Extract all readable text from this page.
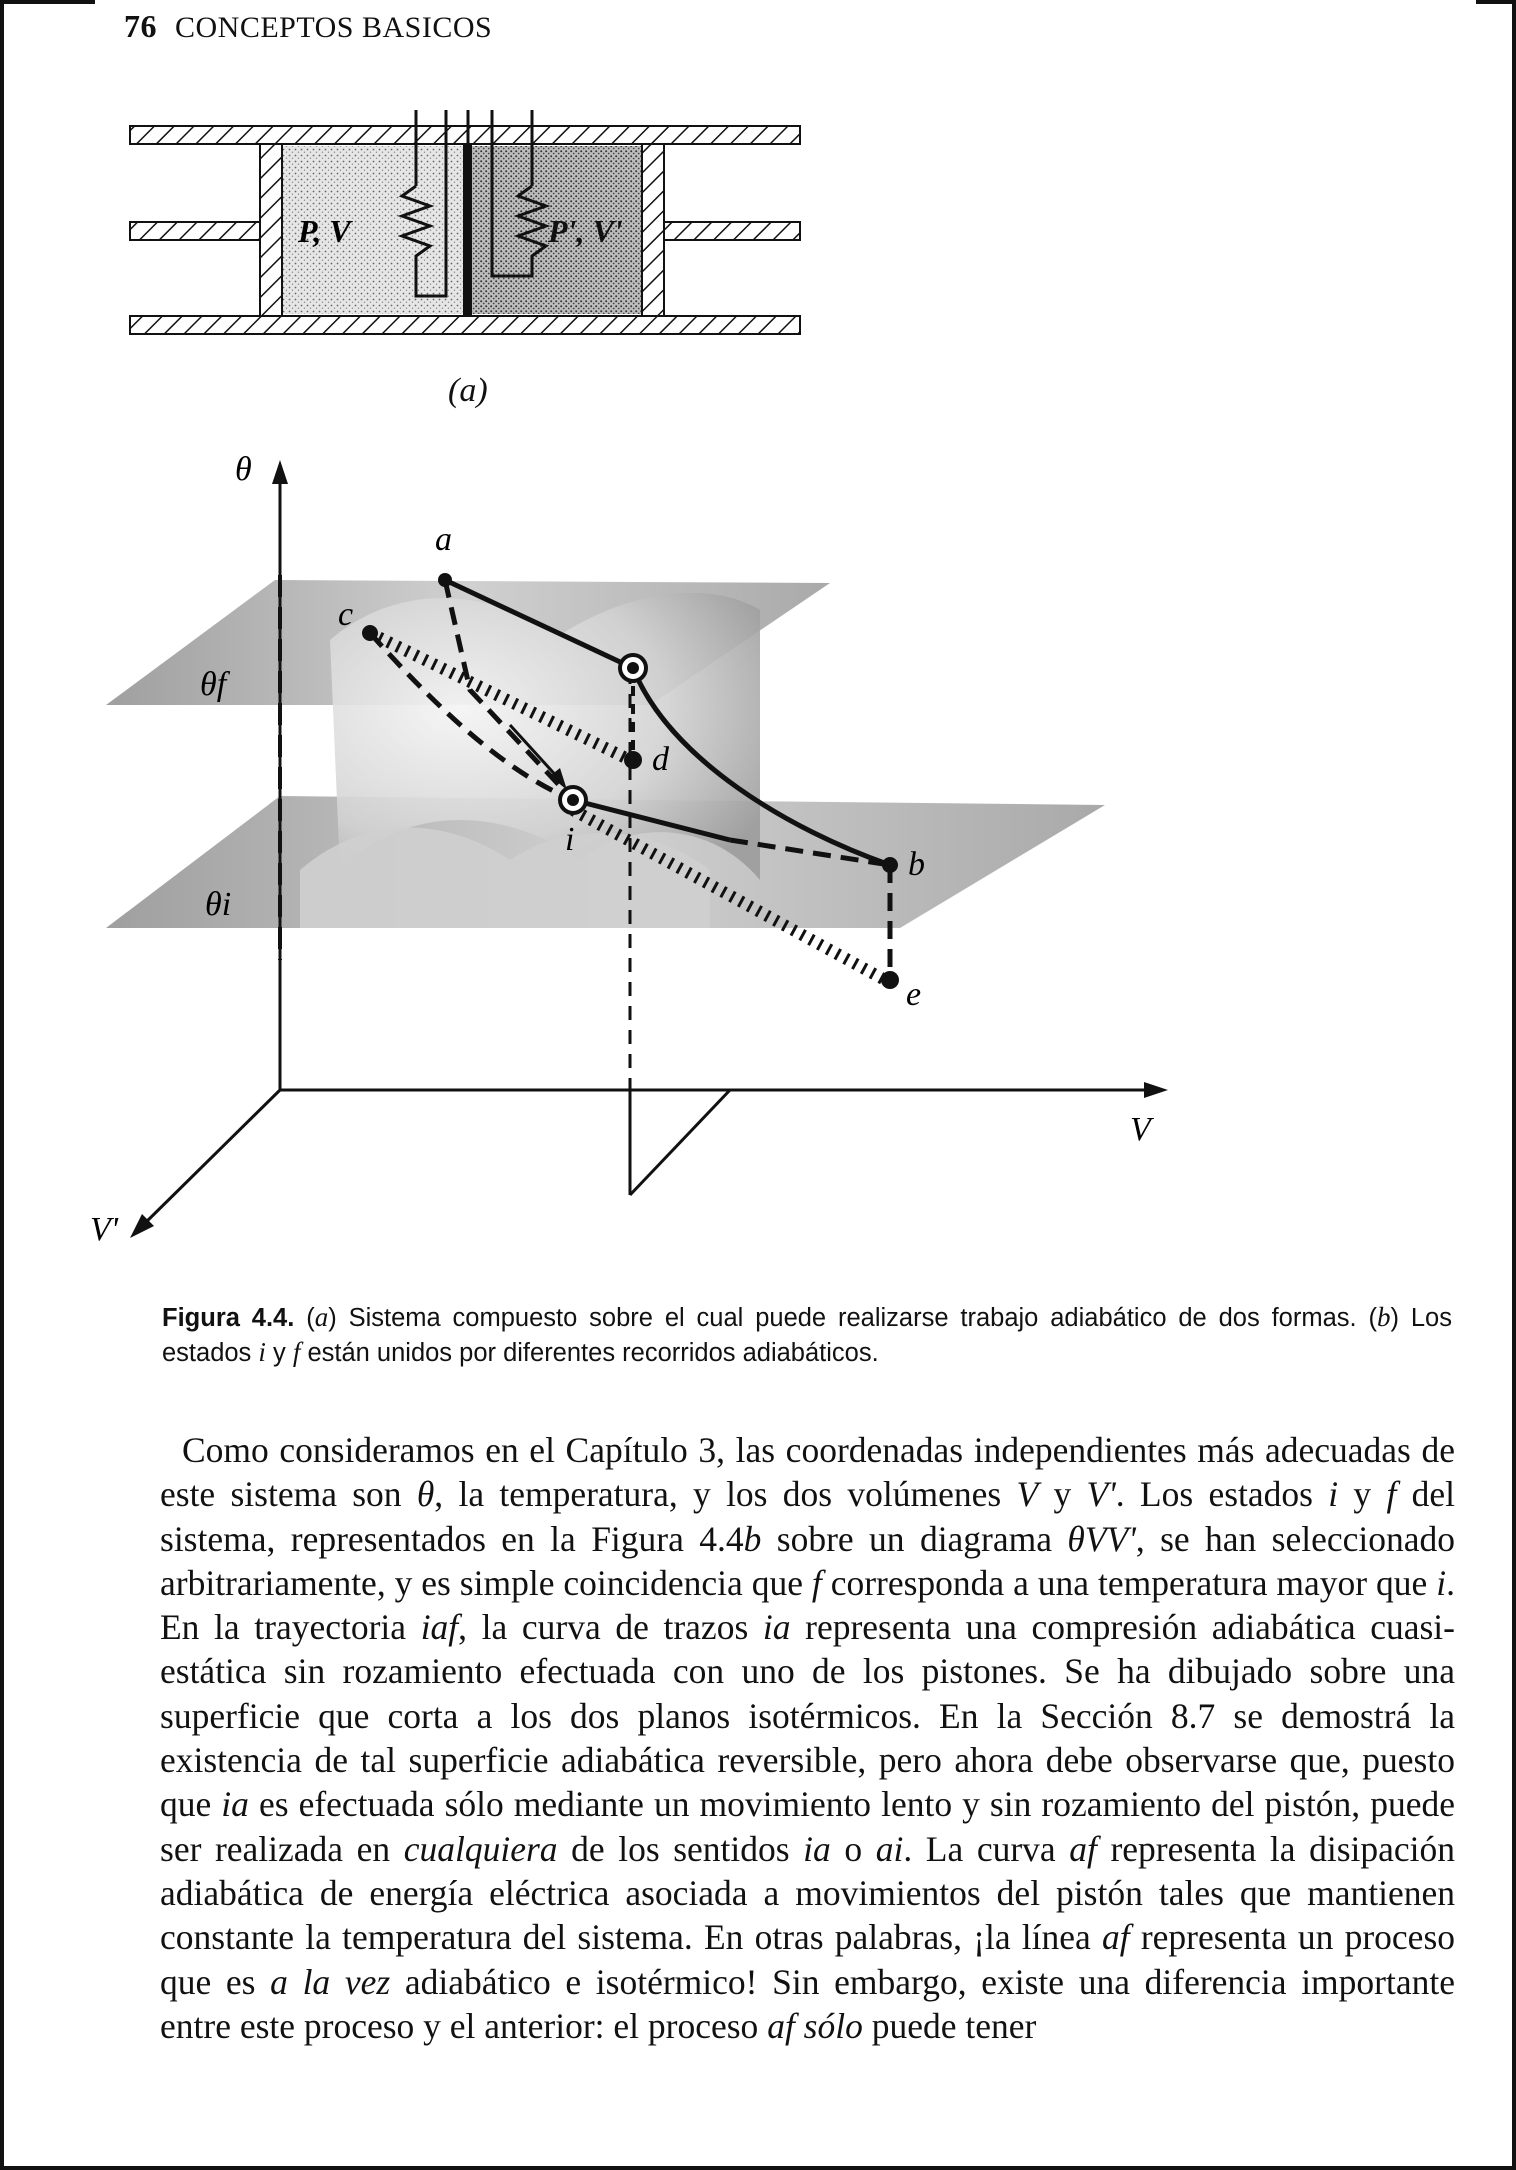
76 CONCEPTOS BASICOS
P, V	P', V'
(a)
θ
V
V'
θf
θi
a
c
d
i
b
e
Figura 4.4. (a) Sistema compuesto sobre el cual puede realizarse trabajo adiabático de dos formas. (b) Los estados i y f están unidos por diferentes recorridos adiabáticos.

Como consideramos en el Capítulo 3, las coordenadas independientes más adecuadas de este sistema son θ, la temperatura, y los dos volúmenes V y V'. Los estados i y f del sistema, representados en la Figura 4.4b sobre un diagrama θVV', se han seleccionado arbitrariamente, y es simple coincidencia que f corresponda a una temperatura mayor que i. En la trayectoria iaf, la curva de trazos ia representa una compresión adiabática cuasi-estática sin rozamiento efectuada con uno de los pistones. Se ha dibujado sobre una superficie que corta a los dos planos isotérmicos. En la Sección 8.7 se demostrá la existencia de tal superficie adiabática reversible, pero ahora debe observarse que, puesto que ia es efectuada sólo mediante un movimiento lento y sin rozamiento del pistón, puede ser realizada en cualquiera de los sentidos ia o ai. La curva af representa la disipación adiabática de energía eléctrica asociada a movimientos del pistón tales que mantienen constante la temperatura del sistema. En otras palabras, ¡la línea af representa un proceso que es a la vez adiabático e isotérmico! Sin embargo, existe una diferencia importante entre este proceso y el anterior: el proceso af sólo puede tener
